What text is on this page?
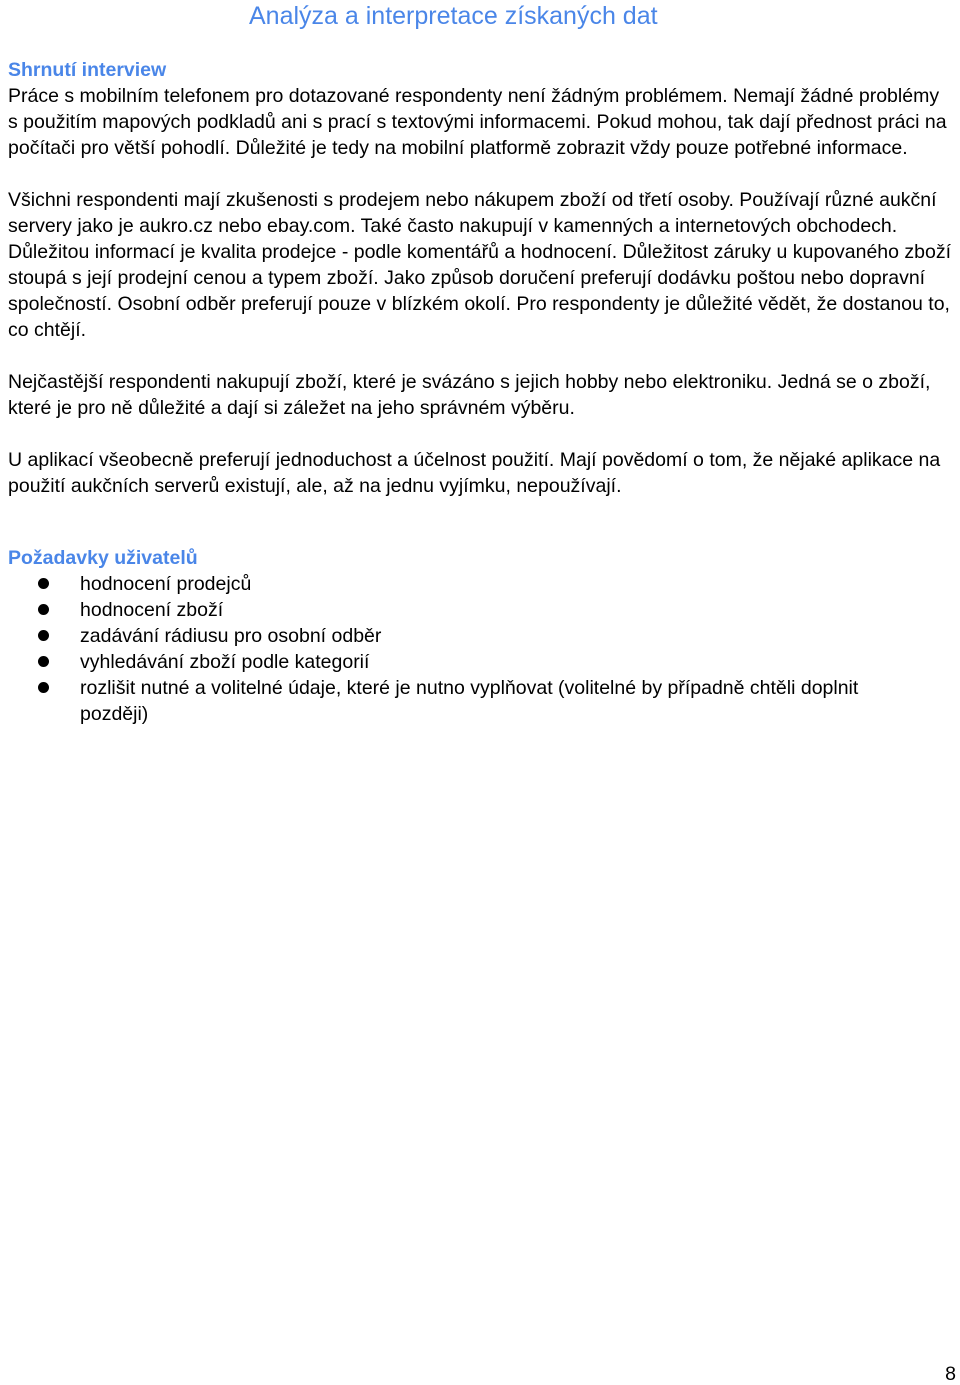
Analýza a interpretace získaných dat
Shrnutí interview

Práce s mobilním telefonem pro dotazované respondenty není žádným problémem. Nemají žádné problémy s použitím mapových podkladů ani s prací s textovými informacemi. Pokud mohou, tak dají přednost práci na počítači pro větší pohodlí. Důležité je tedy na mobilní platformě zobrazit vždy pouze potřebné informace.

Všichni respondenti mají zkušenosti s prodejem nebo nákupem zboží od třetí osoby. Používají různé aukční servery jako je aukro.cz nebo ebay.com. Také často nakupují v kamenných a internetových obchodech. Důležitou informací je kvalita prodejce - podle komentářů a hodnocení. Důležitost záruky u kupovaného zboží stoupá s její prodejní cenou a typem zboží. Jako způsob doručení preferují dodávku poštou nebo dopravní společností. Osobní odběr preferují pouze v blízkém okolí. Pro respondenty je důležité vědět, že dostanou to, co chtějí.

Nejčastější respondenti nakupují zboží, které je svázáno s jejich hobby nebo elektroniku. Jedná se o zboží, které je pro ně důležité a dají si záležet na jeho správném výběru.

U aplikací všeobecně preferují jednoduchost a účelnost použití. Mají povědomí o tom, že nějaké aplikace na použití aukčních serverů existují, ale, až na jednu vyjímku, nepoužívají.

Požadavky uživatelů
hodnocení prodejců
hodnocení zboží
zadávání rádiusu pro osobní odběr
vyhledávání zboží podle kategorií
rozlišit nutné a volitelné údaje, které je nutno vyplňovat (volitelné by případně chtěli doplnit později)
8
